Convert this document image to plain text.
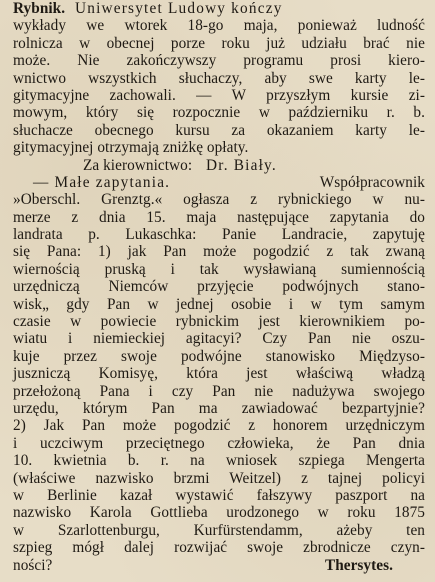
Rybnik. Uniwersytet Ludowy kończy
wykłady we wtorek 18-go maja, ponieważ ludność
rolnicza w obecnej porze roku już udziału brać nie
może. Nie zakończywszy programu prosi kiero-
wnictwo wszystkich słuchaczy, aby swe karty le-
gitymacyjne zachowali. — W przyszłym kursie zi-
mowym, który się rozpocznie w październiku r. b.
słuchacze obecnego kursu za okazaniem karty le-
gitymacyjnej otrzymają zniżkę opłaty.
Za kierownictwo: Dr. Biały.
— Małe zapytania.	Współpracownik
»Oberschl. Grenztg.« ogłasza z rybnickiego w nu-
merze z dnia 15. maja następujące zapytania do
landrata p. Lukaschka: Panie Landracie, zapytuję
się Pana: 1) jak Pan może pogodzić z tak zwaną
wiernością pruską i tak wysławianą sumiennością
urzędniczą Niemców przyjęcie podwójnych stano-
wisk„ gdy Pan w jednej osobie i w tym samym
czasie w powiecie rybnickim jest kierownikiem po-
wiatu i niemieckiej agitacyi? Czy Pan nie oszu-
kuje przez swoje podwójne stanowisko Międzyso-
juszniczą Komisyę, która jest właściwą władzą
przełożoną Pana i czy Pan nie nadużywa swojego
urzędu, którym Pan ma zawiadować bezpartyjnie?
2) Jak Pan może pogodzić z honorem urzędniczym
i uczciwym przeciętnego człowieka, że Pan dnia
10. kwietnia b. r. na wniosek szpiega Mengerta
(właściwe nazwisko brzmi Weitzel) z tajnej policyi
w Berlinie kazał wystawić fałszywy paszport na
nazwisko Karola Gottlieba urodzonego w roku 1875
w Szarlottenburgu, Kurfürstendamm, ażeby ten
szpieg mógł dalej rozwijać swoje zbrodnicze czyn-
ności?	Thersytes.
